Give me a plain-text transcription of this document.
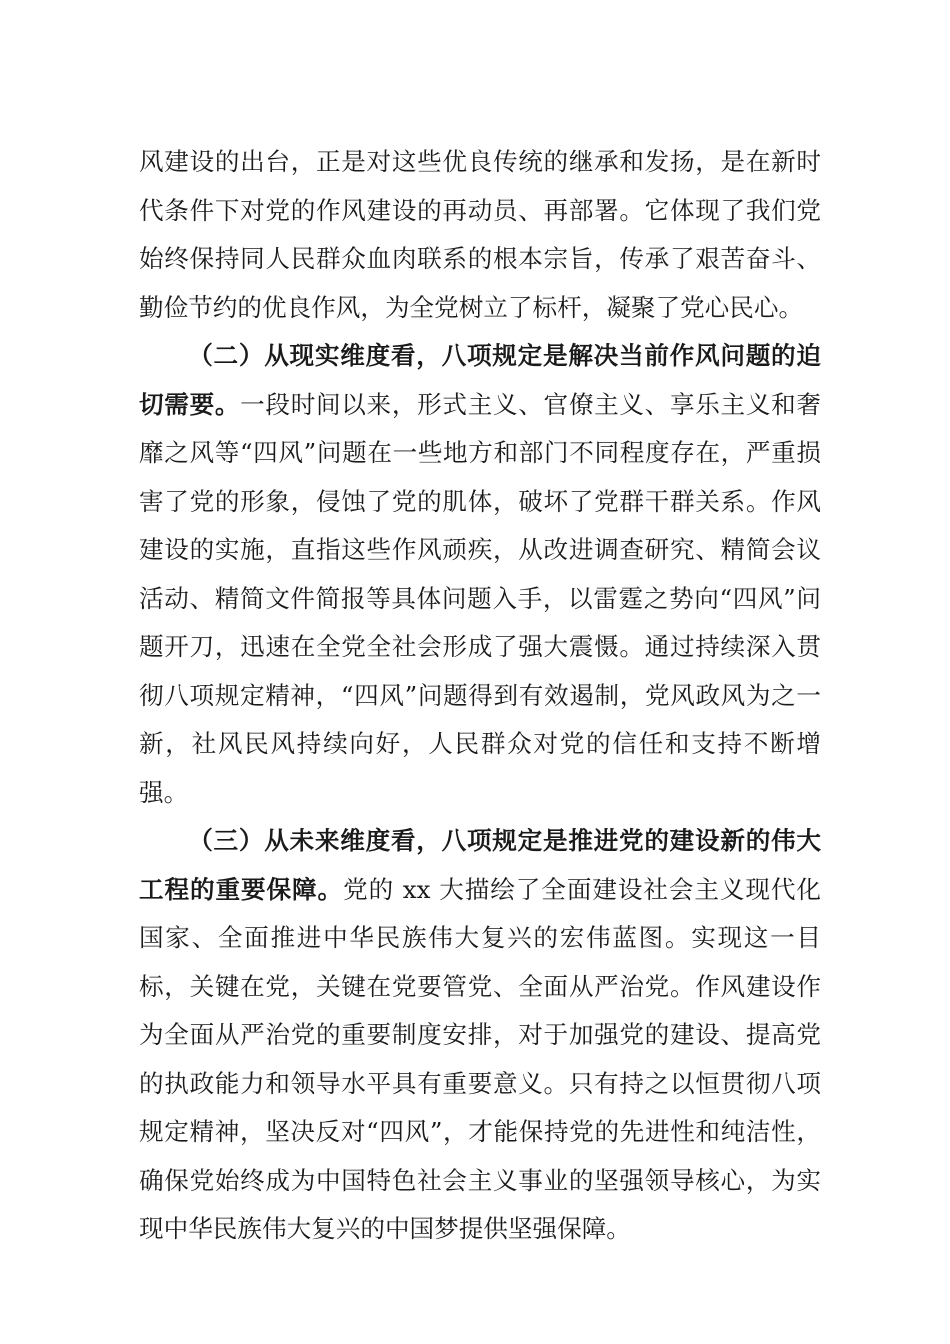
风建设的出台，正是对这些优良传统的继承和发扬，是在新时代条件下对党的作风建设的再动员、再部署。它体现了我们党始终保持同人民群众血肉联系的根本宗旨，传承了艰苦奋斗、勤俭节约的优良作风，为全党树立了标杆，凝聚了党心民心。

（二）从现实维度看，八项规定是解决当前作风问题的迫切需要。一段时间以来，形式主义、官僚主义、享乐主义和奢靡之风等“四风”问题在一些地方和部门不同程度存在，严重损害了党的形象，侵蚀了党的肌体，破坏了党群干群关系。作风建设的实施，直指这些作风顽疾，从改进调查研究、精简会议活动、精简文件简报等具体问题入手，以雷霆之势向“四风”问题开刀，迅速在全党全社会形成了强大震慑。通过持续深入贯彻八项规定精神，“四风”问题得到有效遏制，党风政风为之一新，社风民风持续向好，人民群众对党的信任和支持不断增强。

（三）从未来维度看，八项规定是推进党的建设新的伟大工程的重要保障。党的 xx 大描绘了全面建设社会主义现代化国家、全面推进中华民族伟大复兴的宏伟蓝图。实现这一目标，关键在党，关键在党要管党、全面从严治党。作风建设作为全面从严治党的重要制度安排，对于加强党的建设、提高党的执政能力和领导水平具有重要意义。只有持之以恒贯彻八项规定精神，坚决反对“四风”，才能保持党的先进性和纯洁性，确保党始终成为中国特色社会主义事业的坚强领导核心，为实现中华民族伟大复兴的中国梦提供坚强保障。
